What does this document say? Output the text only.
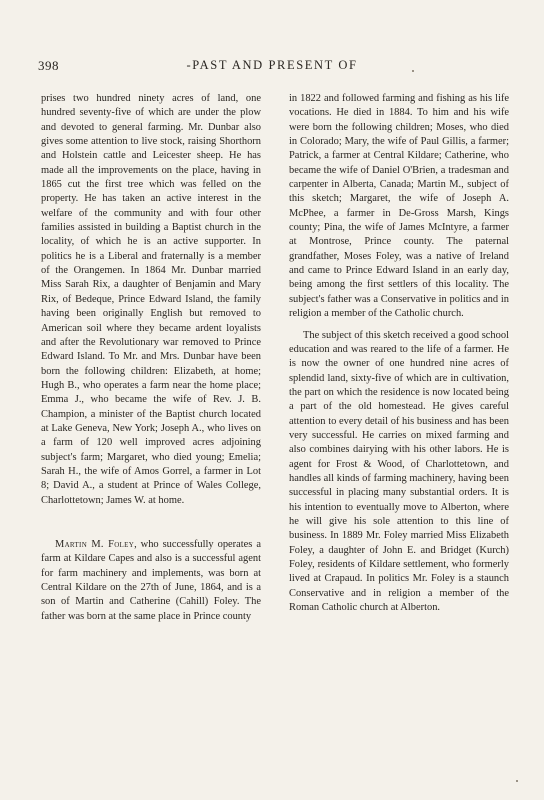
398	-PAST AND PRESENT OF

prises two hundred ninety acres of land, one hundred seventy-five of which are under the plow and devoted to general farming. Mr. Dunbar also gives some attention to live stock, raising Shorthorn and Holstein cattle and Leicester sheep. He has made all the improvements on the place, having in 1865 cut the first tree which was felled on the property. He has taken an active interest in the welfare of the community and with four other families assisted in building a Baptist church in the locality, of which he is an active supporter. In politics he is a Liberal and fraternally is a member of the Orangemen. In 1864 Mr. Dunbar married Miss Sarah Rix, a daughter of Benjamin and Mary Rix, of Bedeque, Prince Edward Island, the family having been originally English but removed to American soil where they became ardent loyalists and after the Revolutionary war removed to Prince Edward Island. To Mr. and Mrs. Dunbar have been born the following children: Elizabeth, at home; Hugh B., who operates a farm near the home place; Emma J., who became the wife of Rev. J. B. Champion, a minister of the Baptist church located at Lake Geneva, New York; Joseph A., who lives on a farm of 120 well improved acres adjoining subject's farm; Margaret, who died young; Emelia; Sarah H., the wife of Amos Gorrel, a farmer in Lot 8; David A., a student at Prince of Wales College, Charlottetown; James W. at home.

Martin M. Foley, who successfully operates a farm at Kildare Capes and also is a successful agent for farm machinery and implements, was born at Central Kildare on the 27th of June, 1864, and is a son of Martin and Catherine (Cahill) Foley. The father was born at the same place in Prince county

in 1822 and followed farming and fishing as his life vocations. He died in 1884. To him and his wife were born the following children; Moses, who died in Colorado; Mary, the wife of Paul Gillis, a farmer; Patrick, a farmer at Central Kildare; Catherine, who became the wife of Daniel O'Brien, a tradesman and carpenter in Alberta, Canada; Martin M., subject of this sketch; Margaret, the wife of Joseph A. McPhee, a farmer in De-Gross Marsh, Kings county; Pina, the wife of James McIntyre, a farmer at Montrose, Prince county. The paternal grandfather, Moses Foley, was a native of Ireland and came to Prince Edward Island in an early day, being among the first settlers of this locality. The subject's father was a Conservative in politics and in religion a member of the Catholic church.

The subject of this sketch received a good school education and was reared to the life of a farmer. He is now the owner of one hundred nine acres of splendid land, sixty-five of which are in cultivation, the part on which the residence is now located being a part of the old homestead. He gives careful attention to every detail of his business and has been very successful. He carries on mixed farming and also combines dairying with his other labors. He is agent for Frost & Wood, of Charlottetown, and handles all kinds of farming machinery, having been successful in placing many substantial orders. It is his intention to eventually move to Alberton, where he will give his sole attention to this line of business. In 1889 Mr. Foley married Miss Elizabeth Foley, a daughter of John E. and Bridget (Kurch) Foley, residents of Kildare settlement, who formerly lived at Crapaud. In politics Mr. Foley is a staunch Conservative and in religion a member of the Roman Catholic church at Alberton.
